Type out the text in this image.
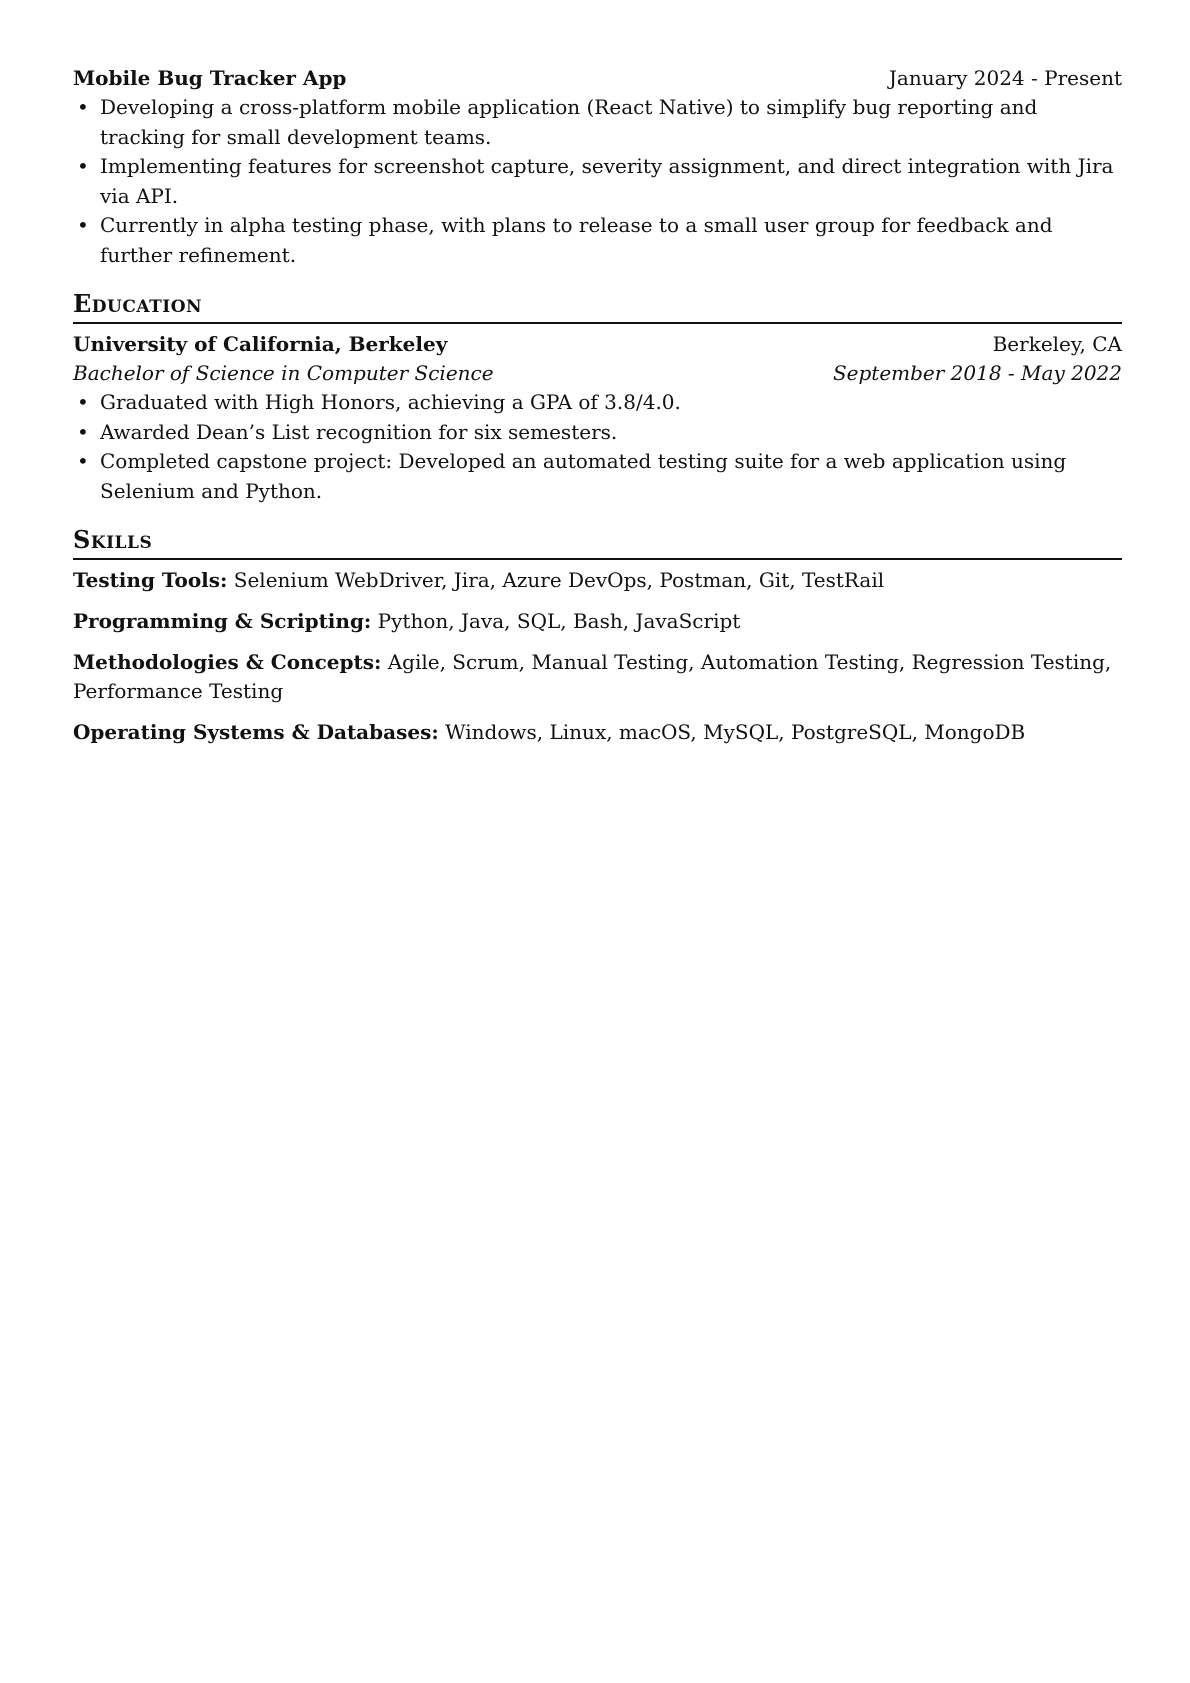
Mobile Bug Tracker App	January 2024 - Present
• Developing a cross-platform mobile application (React Native) to simplify bug reporting and tracking for small development teams.
• Implementing features for screenshot capture, severity assignment, and direct integration with Jira via API.
• Currently in alpha testing phase, with plans to release to a small user group for feedback and further refinement.
Education
University of California, Berkeley	Berkeley, CA
Bachelor of Science in Computer Science	September 2018 - May 2022
• Graduated with High Honors, achieving a GPA of 3.8/4.0.
• Awarded Dean’s List recognition for six semesters.
• Completed capstone project: Developed an automated testing suite for a web application using Selenium and Python.
Skills
Testing Tools: Selenium WebDriver, Jira, Azure DevOps, Postman, Git, TestRail
Programming & Scripting: Python, Java, SQL, Bash, JavaScript
Methodologies & Concepts: Agile, Scrum, Manual Testing, Automation Testing, Regression Testing, Performance Testing
Operating Systems & Databases: Windows, Linux, macOS, MySQL, PostgreSQL, MongoDB
